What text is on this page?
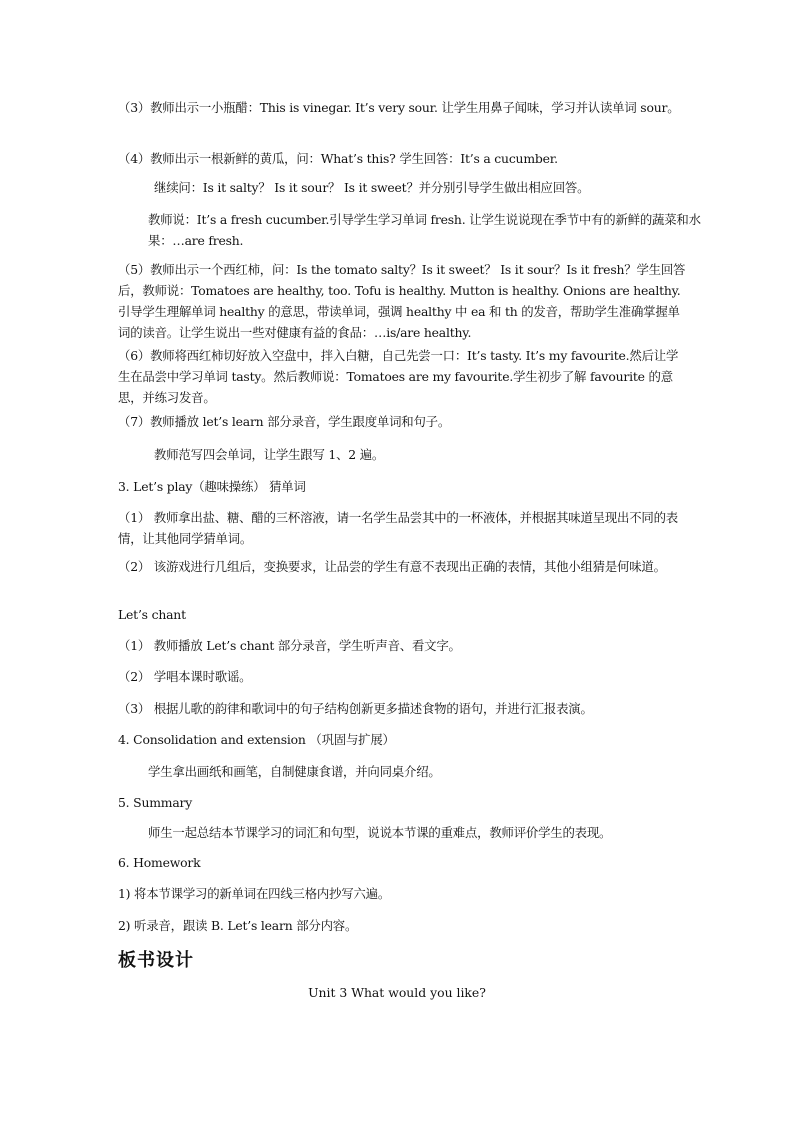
（3）教师出示一小瓶醋：This is vinegar. It’s very sour. 让学生用鼻子闻味，学习并认读单词 sour。
（4）教师出示一根新鲜的黄瓜，问：What’s this? 学生回答：It’s a cucumber.
继续问：Is it salty？ Is it sour？ Is it sweet？并分别引导学生做出相应回答。
教师说：It’s a fresh cucumber.引导学生学习单词 fresh. 让学生说说现在季节中有的新鲜的蔬菜和水果：…are fresh.
（5）教师出示一个西红柿，问：Is the tomato salty？Is it sweet？ Is it sour？Is it fresh？学生回答后，教师说：Tomatoes are healthy, too. Tofu is healthy. Mutton is healthy. Onions are healthy. 引导学生理解单词 healthy 的意思，带读单词，强调 healthy 中 ea 和 th 的发音，帮助学生准确掌握单词的读音。让学生说出一些对健康有益的食品：…is/are healthy.
（6）教师将西红柿切好放入空盘中，拌入白糖，自己先尝一口：It’s tasty. It’s my favourite.然后让学生在品尝中学习单词 tasty。然后教师说：Tomatoes are my favourite.学生初步了解 favourite 的意思，并练习发音。
（7）教师播放 let’s learn 部分录音，学生跟度单词和句子。
教师范写四会单词，让学生跟写 1、2 遍。
3. Let’s play（趣味操练） 猜单词
（1） 教师拿出盐、糖、醋的三杯溶液，请一名学生品尝其中的一杯液体，并根据其味道呈现出不同的表情，让其他同学猜单词。
（2） 该游戏进行几组后，变换要求，让品尝的学生有意不表现出正确的表情，其他小组猜是何味道。
Let’s chant
（1） 教师播放 Let’s chant 部分录音，学生听声音、看文字。
（2） 学唱本课时歌谣。
（3） 根据儿歌的韵律和歌词中的句子结构创新更多描述食物的语句，并进行汇报表演。
4. Consolidation and extension （巩固与扩展）
学生拿出画纸和画笔，自制健康食谱，并向同桌介绍。
5. Summary
师生一起总结本节课学习的词汇和句型，说说本节课的重难点，教师评价学生的表现。
6. Homework
1) 将本节课学习的新单词在四线三格内抄写六遍。
2) 听录音，跟读 B. Let’s learn 部分内容。
板书设计
Unit 3 What would you like?
